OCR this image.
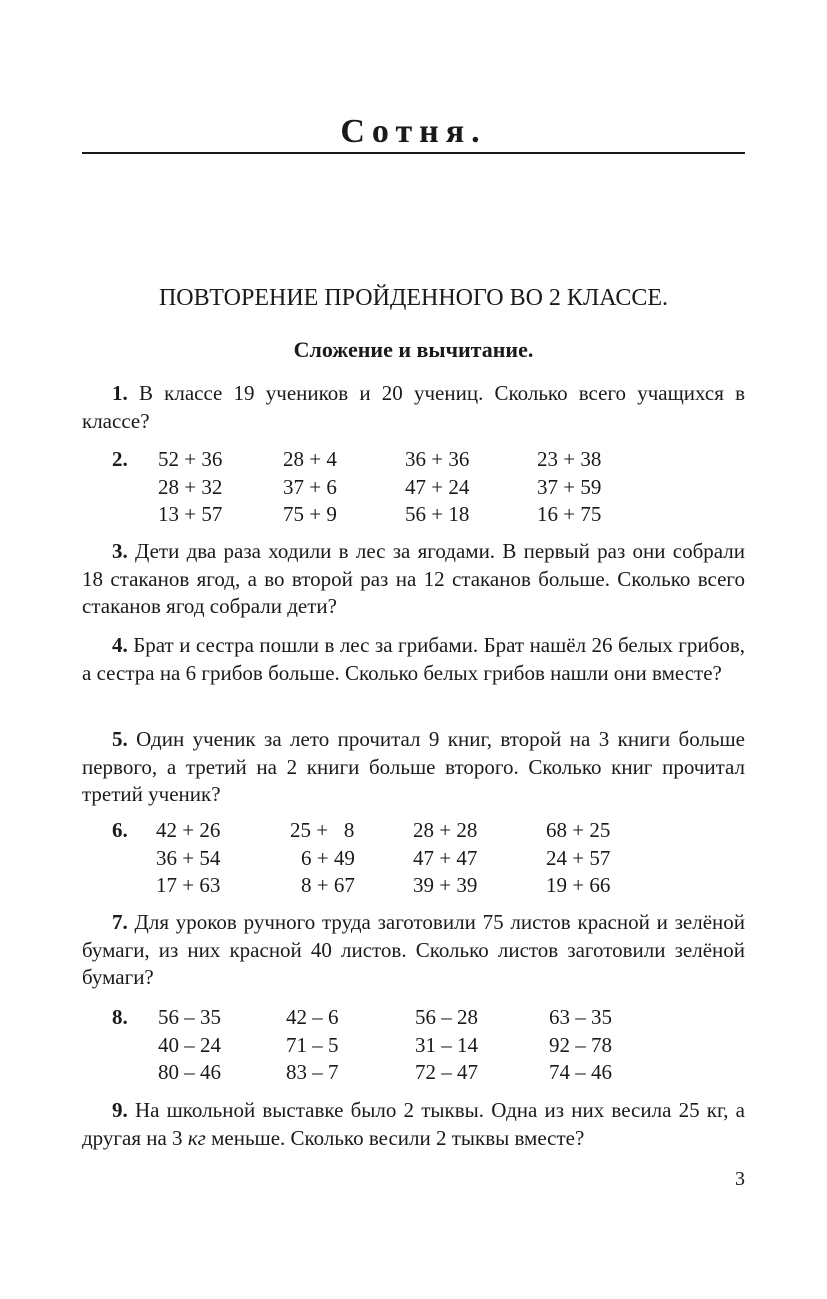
Сотня.
ПОВТОРЕНИЕ ПРОЙДЕННОГО ВО 2 КЛАССЕ.
Сложение и вычитание.

1. В классе 19 учеников и 20 учениц. Сколько всего учащихся в классе?

2. 52 + 36	28 + 4	36 + 36	23 + 38
28 + 32	37 + 6	47 + 24	37 + 59
13 + 57	75 + 9	56 + 18	16 + 75

3. Дети два раза ходили в лес за ягодами. В первый раз они собрали 18 стаканов ягод, а во второй раз на 12 стаканов больше. Сколько всего стаканов ягод собрали дети?

4. Брат и сестра пошли в лес за грибами. Брат нашёл 26 белых грибов, а сестра на 6 грибов больше. Сколько белых грибов нашли они вместе?

5. Один ученик за лето прочитал 9 книг, второй на 3 книги больше первого, а третий на 2 книги больше второго. Сколько книг прочитал третий ученик?

6. 42 + 26	25 +   8	28 + 28	68 + 25
36 + 54	6 + 49	47 + 47	24 + 57
17 + 63	8 + 67	39 + 39	19 + 66

7. Для уроков ручного труда заготовили 75 листов красной и зелёной бумаги, из них красной 40 листов. Сколько листов заготовили зелёной бумаги?

8. 56 – 35	42 – 6	56 – 28	63 – 35
40 – 24	71 – 5	31 – 14	92 – 78
80 – 46	83 – 7	72 – 47	74 – 46

9. На школьной выставке было 2 тыквы. Одна из них весила 25 кг, а другая на 3 кг меньше. Сколько весили 2 тыквы вместе?

3
